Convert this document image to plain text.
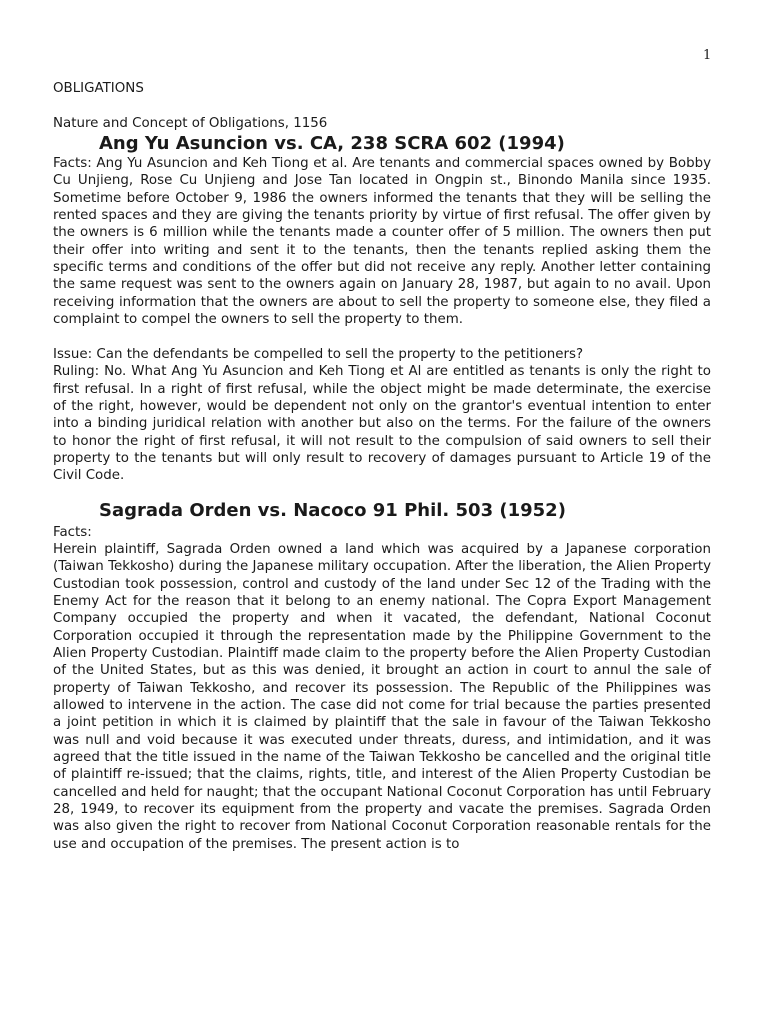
1

OBLIGATIONS

Nature and Concept of Obligations, 1156

Ang Yu Asuncion vs. CA, 238 SCRA 602 (1994)

Facts: Ang Yu Asuncion and Keh Tiong et al. Are tenants and commercial spaces owned by Bobby Cu Unjieng, Rose Cu Unjieng and Jose Tan located in Ongpin st., Binondo Manila since 1935. Sometime before October 9, 1986 the owners informed the tenants that they will be selling the rented spaces and they are giving the tenants priority by virtue of first refusal. The offer given by the owners is 6 million while the tenants made a counter offer of 5 million. The owners then put their offer into writing and sent it to the tenants, then the tenants replied asking them the specific terms and conditions of the offer but did not receive any reply. Another letter containing the same request was sent to the owners again on January 28, 1987, but again to no avail. Upon receiving information that the owners are about to sell the property to someone else, they filed a complaint to compel the owners to sell the property to them.

Issue: Can the defendants be compelled to sell the property to the petitioners?

Ruling: No. What Ang Yu Asuncion and Keh Tiong et Al are entitled as tenants is only the right to first refusal. In a right of first refusal, while the object might be made determinate, the exercise of the right, however, would be dependent not only on the grantor's eventual intention to enter into a binding juridical relation with another but also on the terms. For the failure of the owners to honor the right of first refusal, it will not result to the compulsion of said owners to sell their property to the tenants but will only result to recovery of damages pursuant to Article 19 of the Civil Code.

Sagrada Orden vs. Nacoco 91 Phil. 503 (1952)

Facts:

Herein plaintiff, Sagrada Orden owned a land which was acquired by a Japanese corporation (Taiwan Tekkosho) during the Japanese military occupation. After the liberation, the Alien Property Custodian took possession, control and custody of the land under Sec 12 of the Trading with the Enemy Act for the reason that it belong to an enemy national. The Copra Export Management Company occupied the property and when it vacated, the defendant, National Coconut Corporation occupied it through the representation made by the Philippine Government to the Alien Property Custodian. Plaintiff made claim to the property before the Alien Property Custodian of the United States, but as this was denied, it brought an action in court to annul the sale of property of Taiwan Tekkosho, and recover its possession. The Republic of the Philippines was allowed to intervene in the action. The case did not come for trial because the parties presented a joint petition in which it is claimed by plaintiff that the sale in favour of the Taiwan Tekkosho was null and void because it was executed under threats, duress, and intimidation, and it was agreed that the title issued in the name of the Taiwan Tekkosho be cancelled and the original title of plaintiff re-issued; that the claims, rights, title, and interest of the Alien Property Custodian be cancelled and held for naught; that the occupant National Coconut Corporation has until February 28, 1949, to recover its equipment from the property and vacate the premises. Sagrada Orden was also given the right to recover from National Coconut Corporation reasonable rentals for the use and occupation of the premises. The present action is to
